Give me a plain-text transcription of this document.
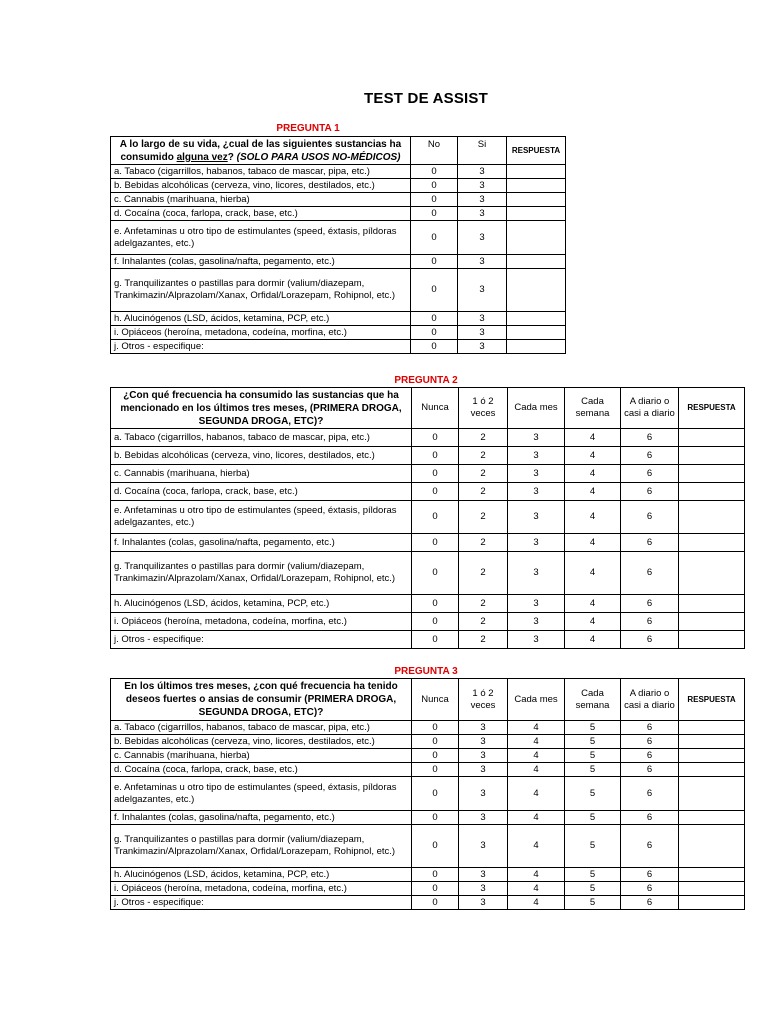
TEST DE ASSIST
PREGUNTA 1
A lo largo de su vida, ¿cual de las siguientes sustancias ha consumido alguna vez? (SOLO PARA USOS NO-MÉDICOS)	No	Si	RESPUESTA
a. Tabaco (cigarrillos, habanos, tabaco de mascar, pipa, etc.)	0	3	
b. Bebidas alcohólicas (cerveza, vino, licores, destilados, etc.)	0	3	
c. Cannabis (marihuana, hierba)	0	3	
d. Cocaína (coca, farlopa, crack, base, etc.)	0	3	
e. Anfetaminas u otro tipo de estimulantes (speed, éxtasis, píldoras adelgazantes, etc.)	0	3	
f. Inhalantes (colas, gasolina/nafta, pegamento, etc.)	0	3	
g. Tranquilizantes o pastillas para dormir (valium/diazepam, Trankimazin/Alprazolam/Xanax, Orfidal/Lorazepam, Rohipnol, etc.)	0	3	
h. Alucinógenos (LSD, ácidos, ketamina, PCP, etc.)	0	3	
i. Opiáceos (heroína, metadona, codeína, morfina, etc.)	0	3	
j. Otros - especifique:	0	3	
PREGUNTA 2
¿Con qué frecuencia ha consumido las sustancias que ha mencionado en los últimos tres meses, (PRIMERA DROGA, SEGUNDA DROGA, ETC)?	Nunca	1 ó 2 veces	Cada mes	Cada semana	A diario o casi a diario	RESPUESTA
a. Tabaco (cigarrillos, habanos, tabaco de mascar, pipa, etc.)	0	2	3	4	6	
b. Bebidas alcohólicas (cerveza, vino, licores, destilados, etc.)	0	2	3	4	6	
c. Cannabis (marihuana, hierba)	0	2	3	4	6	
d. Cocaína (coca, farlopa, crack, base, etc.)	0	2	3	4	6	
e. Anfetaminas u otro tipo de estimulantes (speed, éxtasis, píldoras adelgazantes, etc.)	0	2	3	4	6	
f. Inhalantes (colas, gasolina/nafta, pegamento, etc.)	0	2	3	4	6	
g. Tranquilizantes o pastillas para dormir (valium/diazepam, Trankimazin/Alprazolam/Xanax, Orfidal/Lorazepam, Rohipnol, etc.)	0	2	3	4	6	
h. Alucinógenos (LSD, ácidos, ketamina, PCP, etc.)	0	2	3	4	6	
i. Opiáceos (heroína, metadona, codeína, morfina, etc.)	0	2	3	4	6	
j. Otros - especifique:	0	2	3	4	6	
PREGUNTA 3
En los últimos tres meses, ¿con qué frecuencia ha tenido deseos fuertes o ansias de consumir (PRIMERA DROGA, SEGUNDA DROGA, ETC)?	Nunca	1 ó 2 veces	Cada mes	Cada semana	A diario o casi a diario	RESPUESTA
a. Tabaco (cigarrillos, habanos, tabaco de mascar, pipa, etc.)	0	3	4	5	6	
b. Bebidas alcohólicas (cerveza, vino, licores, destilados, etc.)	0	3	4	5	6	
c. Cannabis (marihuana, hierba)	0	3	4	5	6	
d. Cocaína (coca, farlopa, crack, base, etc.)	0	3	4	5	6	
e. Anfetaminas u otro tipo de estimulantes (speed, éxtasis, píldoras adelgazantes, etc.)	0	3	4	5	6	
f. Inhalantes (colas, gasolina/nafta, pegamento, etc.)	0	3	4	5	6	
g. Tranquilizantes o pastillas para dormir (valium/diazepam, Trankimazin/Alprazolam/Xanax, Orfidal/Lorazepam, Rohipnol, etc.)	0	3	4	5	6	
h. Alucinógenos (LSD, ácidos, ketamina, PCP, etc.)	0	3	4	5	6	
i. Opiáceos (heroína, metadona, codeína, morfina, etc.)	0	3	4	5	6	
j. Otros - especifique:	0	3	4	5	6	
